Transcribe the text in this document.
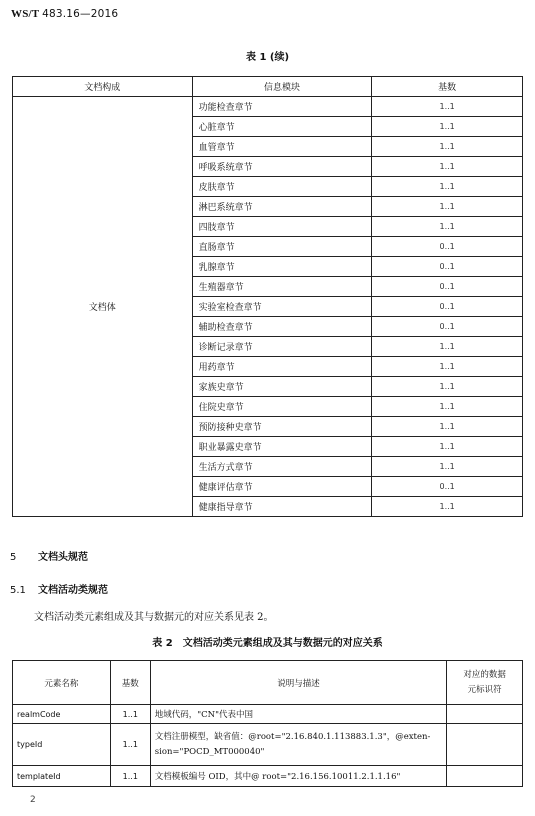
WS/T 483.16—2016
表 1 (续)
文档构成	信息模块	基数
文档体	功能检查章节	1..1
	心脏章节	1..1
	血管章节	1..1
	呼吸系统章节	1..1
	皮肤章节	1..1
	淋巴系统章节	1..1
	四肢章节	1..1
	直肠章节	0..1
	乳腺章节	0..1
	生殖器章节	0..1
	实验室检查章节	0..1
	辅助检查章节	0..1
	诊断记录章节	1..1
	用药章节	1..1
	家族史章节	1..1
	住院史章节	1..1
	预防接种史章节	1..1
	职业暴露史章节	1..1
	生活方式章节	1..1
	健康评估章节	0..1
	健康指导章节	1..1
5 文档头规范
5.1 文档活动类规范
文档活动类元素组成及其与数据元的对应关系见表 2。
表 2　文档活动类元素组成及其与数据元的对应关系
元素名称	基数	说明与描述	对应的数据
元标识符

realmCode	1..1	地域代码，"CN"代表中国	
typeId	1..1	文档注册模型，缺省值：@root="2.16.840.1.113883.1.3"，@exten-
sion="POCD_MT000040"	

templateId	1..1	文档模板编号 OID，其中@ root="2.16.156.10011.2.1.1.16"	
2
